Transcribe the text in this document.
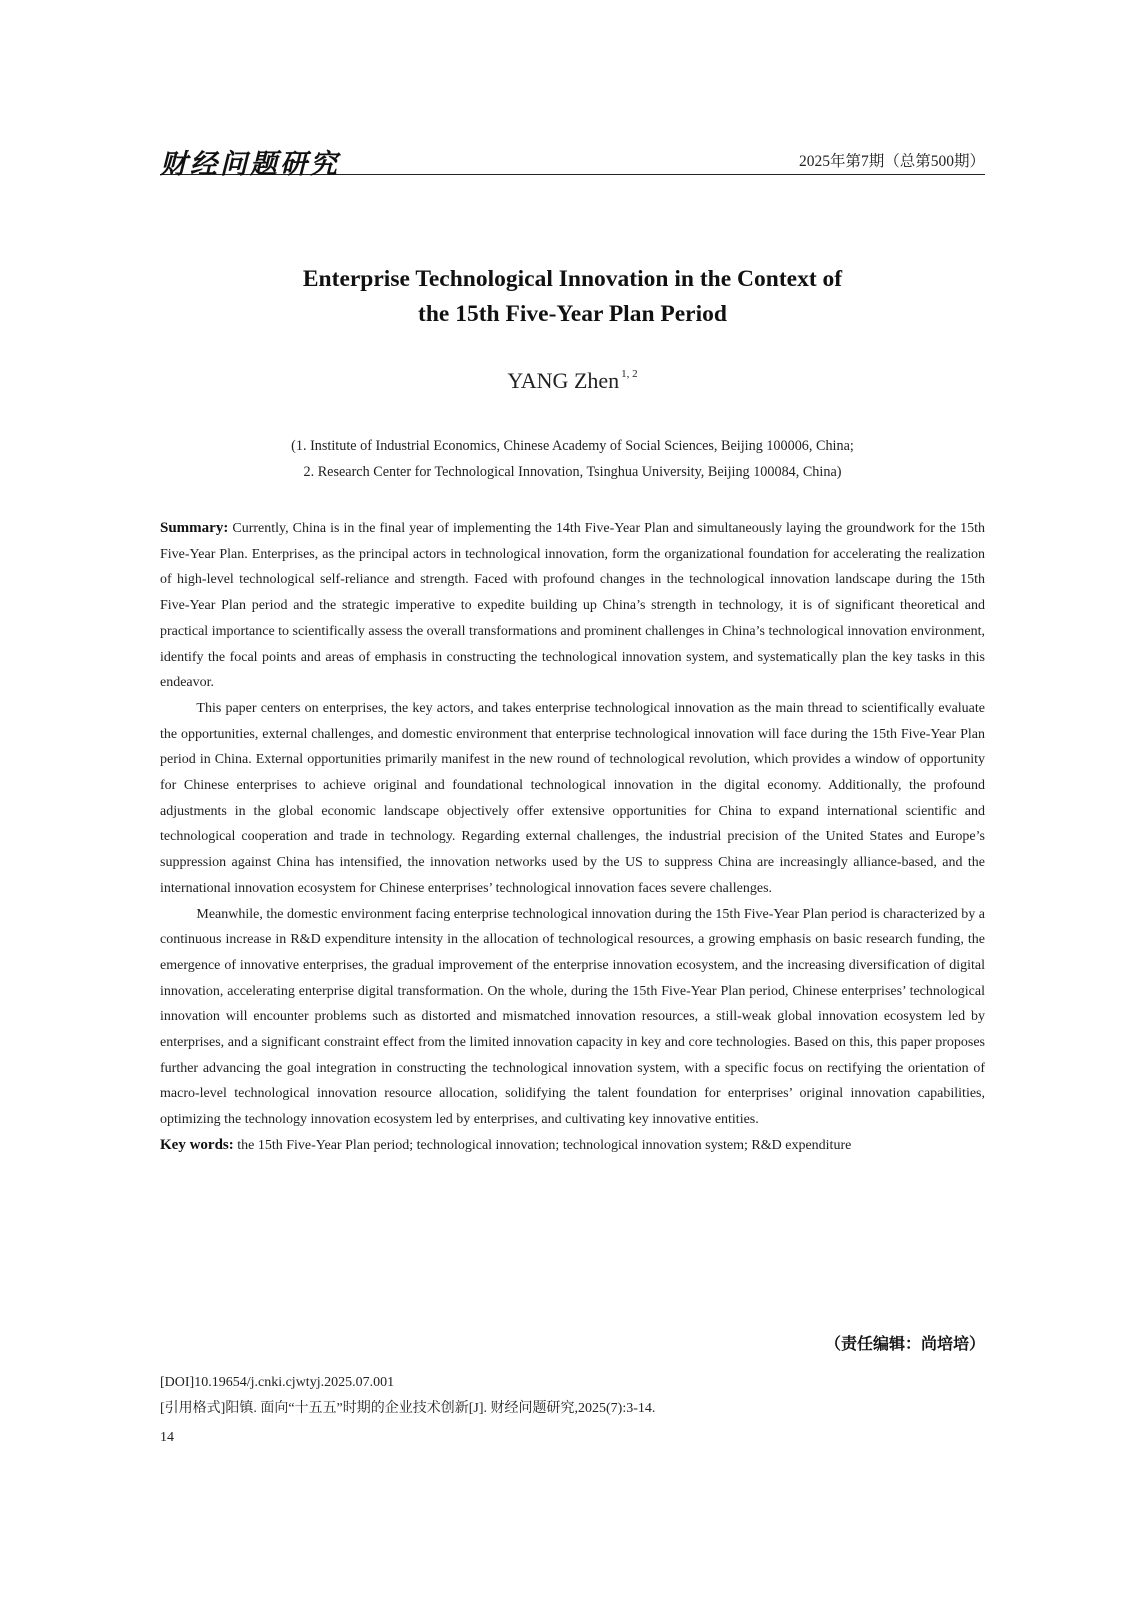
财经问题研究	2025年第7期（总第500期）
Enterprise Technological Innovation in the Context of
the 15th Five-Year Plan Period
YANG Zhen $^{1, 2}$
(1. Institute of Industrial Economics, Chinese Academy of Social Sciences, Beijing 100006, China;
2. Research Center for Technological Innovation, Tsinghua University, Beijing 100084, China)

Summary: Currently, China is in the final year of implementing the 14th Five-Year Plan and simultaneously laying the groundwork for the 15th Five-Year Plan. Enterprises, as the principal actors in technological innovation, form the organizational foundation for accelerating the realization of high-level technological self-reliance and strength. Faced with profound changes in the technological innovation landscape during the 15th Five-Year Plan period and the strategic imperative to expedite building up China’s strength in technology, it is of significant theoretical and practical importance to scientifically assess the overall transformations and prominent challenges in China’s technological innovation environment, identify the focal points and areas of emphasis in constructing the technological innovation system, and systematically plan the key tasks in this endeavor.

This paper centers on enterprises, the key actors, and takes enterprise technological innovation as the main thread to scientifically evaluate the opportunities, external challenges, and domestic environment that enterprise technological innovation will face during the 15th Five-Year Plan period in China. External opportunities primarily manifest in the new round of technological revolution, which provides a window of opportunity for Chinese enterprises to achieve original and foundational technological innovation in the digital economy. Additionally, the profound adjustments in the global economic landscape objectively offer extensive opportunities for China to expand international scientific and technological cooperation and trade in technology. Regarding external challenges, the industrial precision of the United States and Europe’s suppression against China has intensified, the innovation networks used by the US to suppress China are increasingly alliance-based, and the international innovation ecosystem for Chinese enterprises’ technological innovation faces severe challenges.

Meanwhile, the domestic environment facing enterprise technological innovation during the 15th Five-Year Plan period is characterized by a continuous increase in R&D expenditure intensity in the allocation of technological resources, a growing emphasis on basic research funding, the emergence of innovative enterprises, the gradual improvement of the enterprise innovation ecosystem, and the increasing diversification of digital innovation, accelerating enterprise digital transformation. On the whole, during the 15th Five-Year Plan period, Chinese enterprises’ technological innovation will encounter problems such as distorted and mismatched innovation resources, a still-weak global innovation ecosystem led by enterprises, and a significant constraint effect from the limited innovation capacity in key and core technologies. Based on this, this paper proposes further advancing the goal integration in constructing the technological innovation system, with a specific focus on rectifying the orientation of macro-level technological innovation resource allocation, solidifying the talent foundation for enterprises’ original innovation capabilities, optimizing the technology innovation ecosystem led by enterprises, and cultivating key innovative entities.

Key words: the 15th Five-Year Plan period; technological innovation; technological innovation system; R&D expenditure

（责任编辑：尚培培）
[DOI]10.19654/j.cnki.cjwtyj.2025.07.001
[引用格式]阳镇. 面向“十五五”时期的企业技术创新[J]. 财经问题研究,2025(7):3-14.
14
